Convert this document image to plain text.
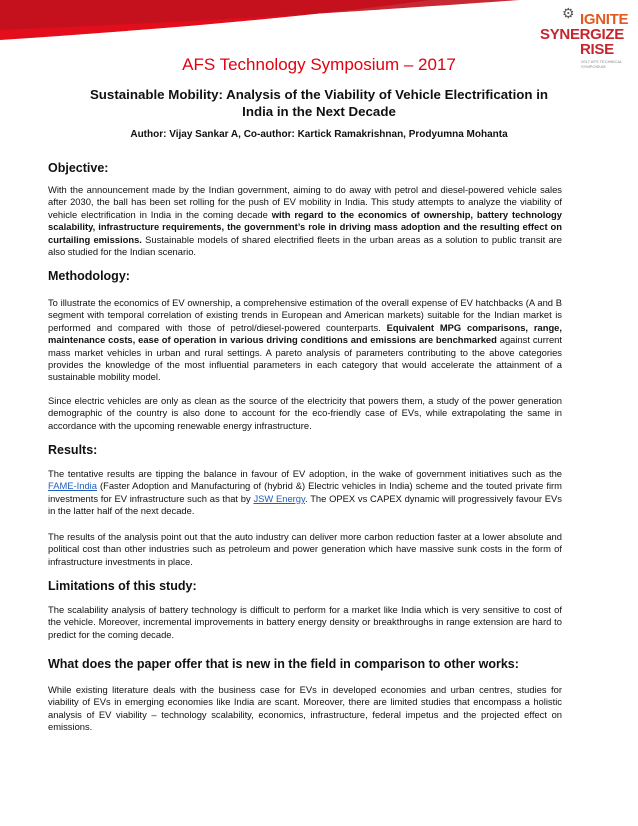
⚙ IGNITE
SYNERGIZE
RISE
2017 AFS TECHNICAL SYMPOSIUM
AFS Technology Symposium – 2017
Sustainable Mobility: Analysis of the Viability of Vehicle Electrification in India in the Next Decade
Author: Vijay Sankar A, Co-author: Kartick Ramakrishnan, Prodyumna Mohanta
Objective:

With the announcement made by the Indian government, aiming to do away with petrol and diesel-powered vehicle sales after 2030, the ball has been set rolling for the push of EV mobility in India. This study attempts to analyze the viability of vehicle electrification in India in the coming decade with regard to the economics of ownership, battery technology scalability, infrastructure requirements, the government’s role in driving mass adoption and the resulting effect on curtailing emissions. Sustainable models of shared electrified fleets in the urban areas as a solution to public transit are also studied for the Indian scenario.

Methodology:

To illustrate the economics of EV ownership, a comprehensive estimation of the overall expense of EV hatchbacks (A and B segment with temporal correlation of existing trends in European and American markets) suitable for the Indian market is performed and compared with those of petrol/diesel-powered counterparts. Equivalent MPG comparisons, range, maintenance costs, ease of operation in various driving conditions and emissions are benchmarked against current mass market vehicles in urban and rural settings. A pareto analysis of parameters contributing to the above categories provides the knowledge of the most influential parameters in each category that would accelerate the attainment of a sustainable mobility model.

Since electric vehicles are only as clean as the source of the electricity that powers them, a study of the power generation demographic of the country is also done to account for the eco-friendly case of EVs, while extrapolating the same in accordance with the upcoming renewable energy infrastructure.

Results:

The tentative results are tipping the balance in favour of EV adoption, in the wake of government initiatives such as the FAME-India (Faster Adoption and Manufacturing of (hybrid &) Electric vehicles in India) scheme and the touted private firm investments for EV infrastructure such as that by JSW Energy. The OPEX vs CAPEX dynamic will progressively favour EVs in the latter half of the next decade.

The results of the analysis point out that the auto industry can deliver more carbon reduction faster at a lower absolute and political cost than other industries such as petroleum and power generation which have massive sunk costs in the form of infrastructure investments in place.

Limitations of this study:

The scalability analysis of battery technology is difficult to perform for a market like India which is very sensitive to cost of the vehicle. Moreover, incremental improvements in battery energy density or breakthroughs in range extension are hard to predict for the coming decade.

What does the paper offer that is new in the field in comparison to other works:

While existing literature deals with the business case for EVs in developed economies and urban centres, studies for viability of EVs in emerging economies like India are scant. Moreover, there are limited studies that encompass a holistic analysis of EV viability – technology scalability, economics, infrastructure, federal impetus and the projected effect on emissions.
